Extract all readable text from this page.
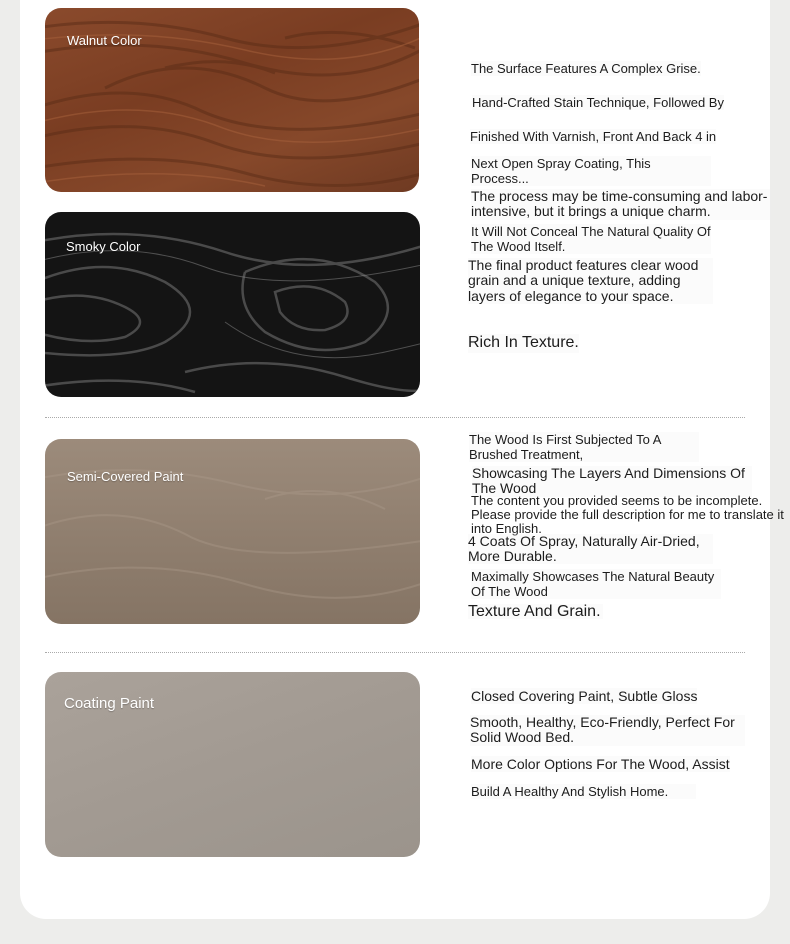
Walnut Color
Smoky Color
Semi-Covered Paint
Coating Paint

The Surface Features A Complex Grise.

Hand-Crafted Stain Technique, Followed By

Finished With Varnish, Front And Back 4 in

Next Open Spray Coating, This Process...

The process may be time-consuming and labor-intensive, but it brings a unique charm.

It Will Not Conceal The Natural Quality Of The Wood Itself.

The final product features clear wood grain and a unique texture, adding layers of elegance to your space.

Rich In Texture.

The Wood Is First Subjected To A Brushed Treatment,

Showcasing The Layers And Dimensions Of The Wood

The content you provided seems to be incomplete. Please provide the full description for me to translate it into English.

4 Coats Of Spray, Naturally Air-Dried, More Durable.

Maximally Showcases The Natural Beauty Of The Wood

Texture And Grain.

Closed Covering Paint, Subtle Gloss

Smooth, Healthy, Eco-Friendly, Perfect For Solid Wood Bed.

More Color Options For The Wood, Assist

Build A Healthy And Stylish Home.
